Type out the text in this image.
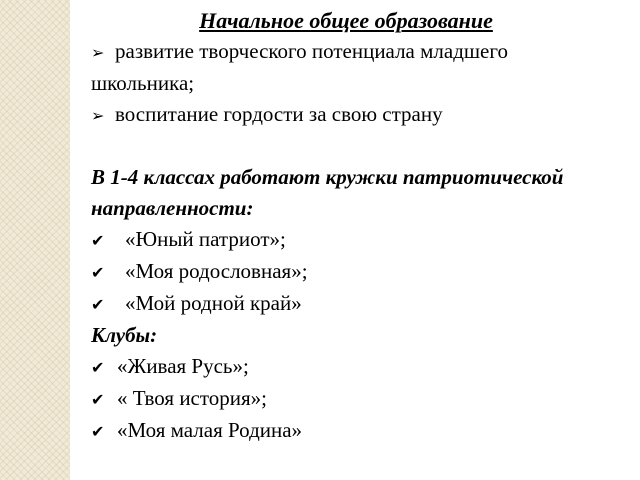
Начальное общее образование
➢ развитие творческого потенциала младшего
школьника;
➢ воспитание гордости за свою страну
В 1-4 классах работают кружки патриотической направленности:
✔ «Юный патриот»;
✔ «Моя родословная»;
✔ «Мой родной край»
Клубы:
✔ «Живая Русь»;
✔ « Твоя история»;
✔ «Моя малая Родина»
